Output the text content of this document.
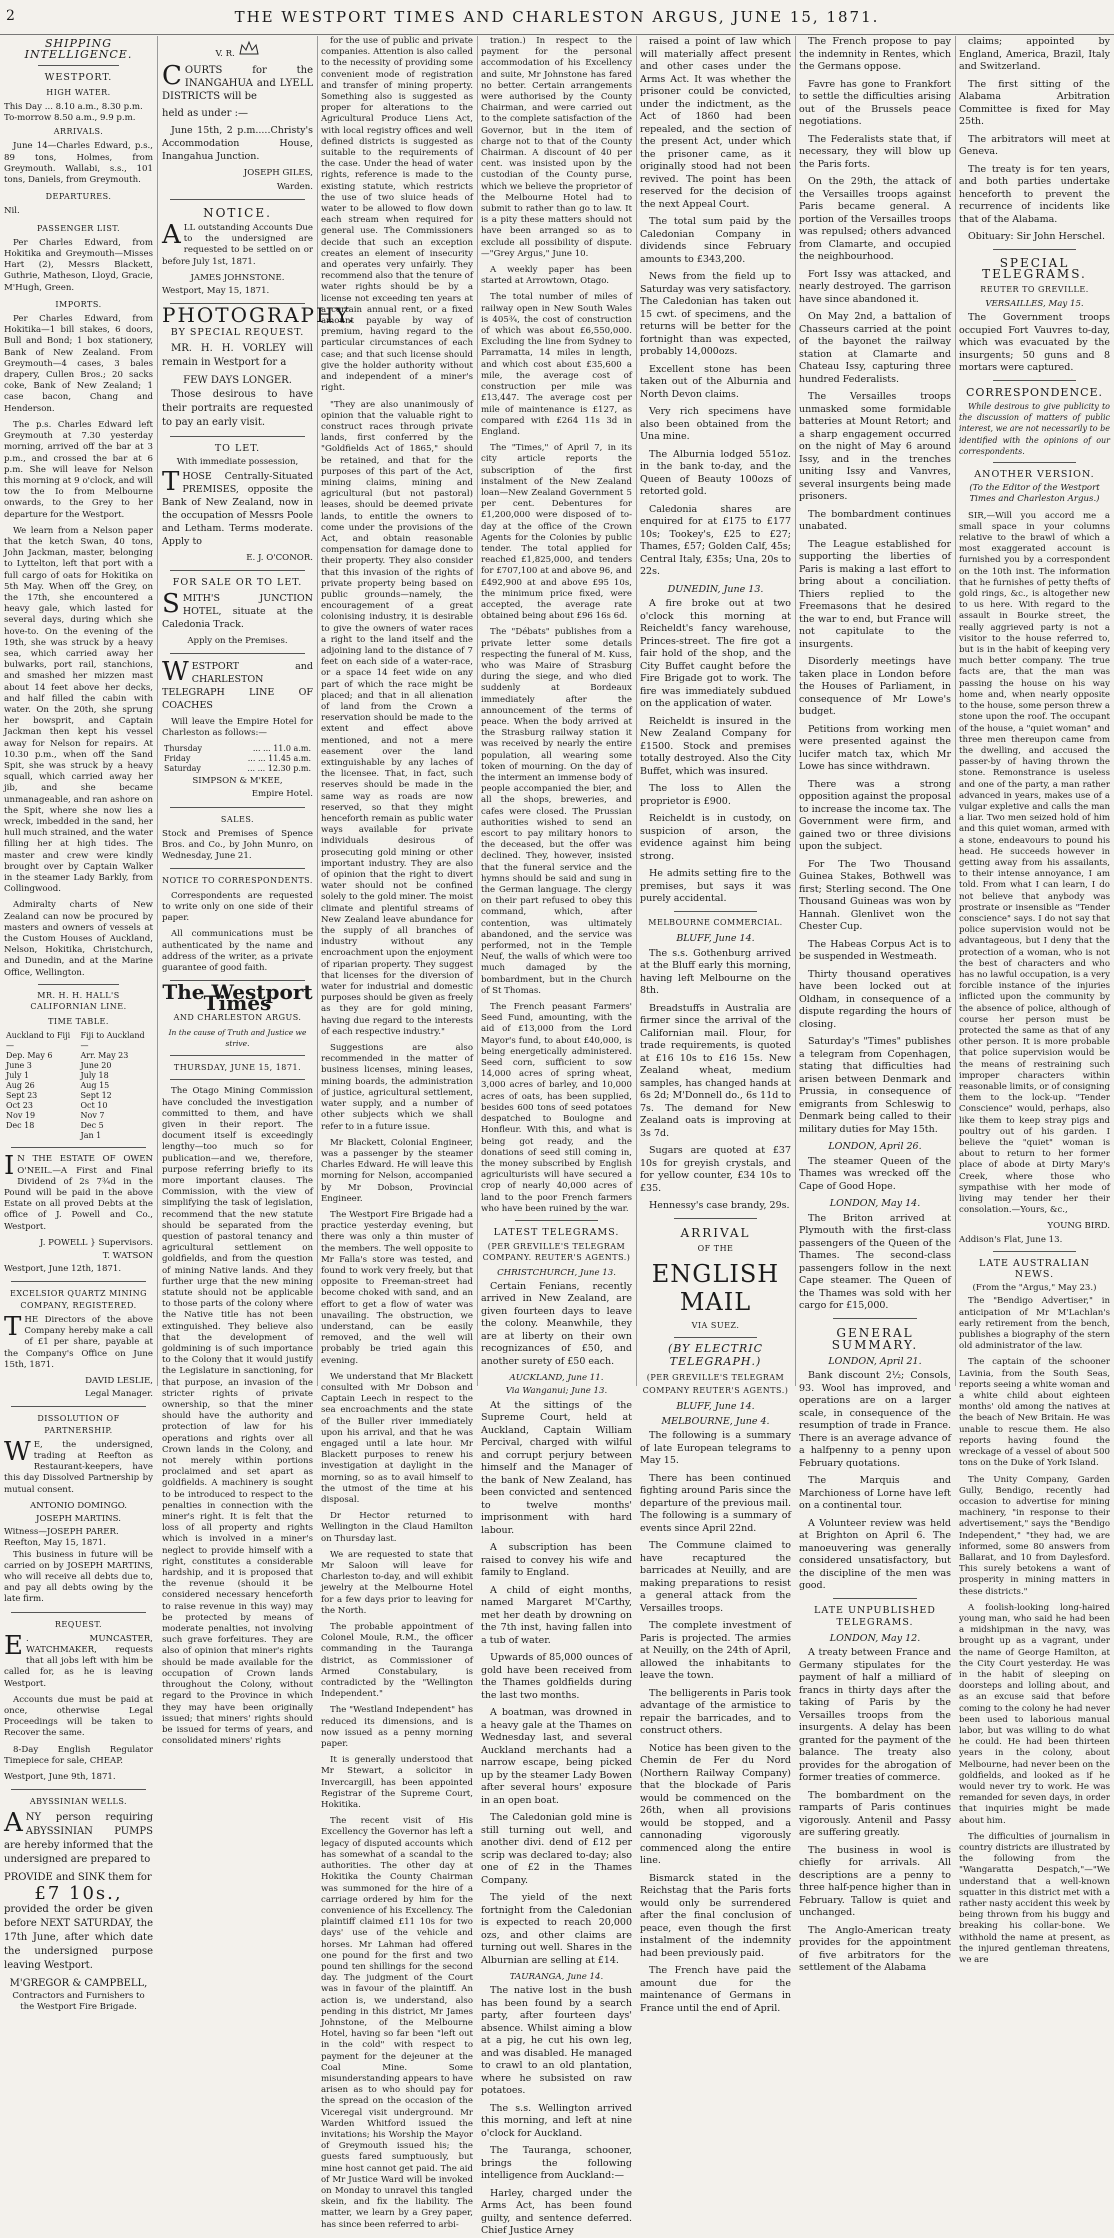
2	THE WESTPORT TIMES AND CHARLESTON ARGUS, JUNE 15, 1871.
SHIPPING INTELLIGENCE.
WESTPORT.
HIGH WATER.
This Day ... 8.10 a.m., 8.30 p.m.
To-morrow 8.50 a.m., 9.9 p.m.
ARRIVALS.

June 14—Charles Edward, p.s., 89 tons, Holmes, from Greymouth. Wallabi, s.s., 101 tons, Daniels, from Greymouth.

DEPARTURES.

Nil.

PASSENGER LIST.

Per Charles Edward, from Hokitika and Greymouth—Misses Hart (2), Messrs Blackett, Guthrie, Matheson, Lloyd, Gracie, M'Hugh, Green.

IMPORTS.

Per Charles Edward, from Hokitika—1 bill stakes, 6 doors, Bull and Bond; 1 box stationery, Bank of New Zealand. From Greymouth—4 cases, 3 bales drapery, Cullen Bros.; 20 sacks coke, Bank of New Zealand; 1 case bacon, Chang and Henderson.

The p.s. Charles Edward left Greymouth at 7.30 yesterday morning, arrived off the bar at 3 p.m., and crossed the bar at 6 p.m. She will leave for Nelson this morning at 9 o'clock, and will tow the Io from Melbourne onwards, to the Grey to her departure for the Westport.

We learn from a Nelson paper that the ketch Swan, 40 tons, John Jackman, master, belonging to Lyttelton, left that port with a full cargo of oats for Hokitika on 5th May. When off the Grey, on the 17th, she encountered a heavy gale, which lasted for several days, during which she hove-to. On the evening of the 19th, she was struck by a heavy sea, which carried away her bulwarks, port rail, stanchions, and smashed her mizzen mast about 14 feet above her decks, and half filled the cabin with water. On the 20th, she sprung her bowsprit, and Captain Jackman then kept his vessel away for Nelson for repairs. At 10.30 p.m., when off the Sand Spit, she was struck by a heavy squall, which carried away her jib, and she became unmanageable, and ran ashore on the Spit, where she now lies a wreck, imbedded in the sand, her hull much strained, and the water filling her at high tides. The master and crew were kindly brought over by Captain Walker in the steamer Lady Barkly, from Collingwood.

Admiralty charts of New Zealand can now be procured by masters and owners of vessels at the Custom Houses of Auckland, Nelson, Hokitika, Christchurch, and Dunedin, and at the Marine Office, Wellington.

MR. H. H. HALL'S CALIFORNIAN LINE.
TIME TABLE.
Auckland to Fiji—	Fiji to Auckland—
Dep. May 6	Arr. May 23
June 3	June 20
July 1	July 18
Aug 26	Aug 15
Sept 23	Sept 12
Oct 23	Oct 10
Nov 19	Nov 7
Dec 18	Dec 5
	Jan 1

I N THE ESTATE OF OWEN O'NEIL.—A First and Final Dividend of 2s 7¾d in the Pound will be paid in the above Estate on all proved Debts at the office of J. Powell and Co., Westport.

J. POWELL } Supervisors.
T. WATSON
Westport, June 12th, 1871.
EXCELSIOR QUARTZ MINING COMPANY, REGISTERED.

THE Directors of the above Company hereby make a call of £1 per share, payable at the Company's Office on June 15th, 1871.

DAVID LESLIE,
Legal Manager.
DISSOLUTION OF PARTNERSHIP.

W E, the undersigned, trading at Reefton as Restaurant-keepers, have this day Dissolved Partnership by mutual consent.

ANTONIO DOMINGO.
JOSEPH MARTINS.
Witness—JOSEPH PARER.
Reefton, May 15, 1871.

This business in future will be carried on by JOSEPH MARTINS, who will receive all debts due to, and pay all debts owing by the late firm.

REQUEST.

E . MUNCASTER, WATCHMAKER, requests that all jobs left with him be called for, as he is leaving Westport.

Accounts due must be paid at once, otherwise Legal Proceedings will be taken to Recover the same.

8-Day English Regulator Timepiece for sale, CHEAP.

Westport, June 9th, 1871.
ABYSSINIAN WELLS.

ANY person requiring ABYSSINIAN PUMPS are hereby informed that the undersigned are prepared to

PROVIDE and SINK them for
£7 10s.,

provided the order be given before NEXT SATURDAY, the 17th June, after which date the undersigned purpose leaving Westport.

M'GREGOR & CAMPBELL,
Contractors and Furnishers to the Westport Fire Brigade.
V. R.

COURTS for the INANGAHUA and LYELL DISTRICTS will be

held as under :—

June 15th, 2 p.m.....Christy's Accommodation House, Inangahua Junction.

JOSEPH GILES,
Warden.
NOTICE.

ALL outstanding Accounts Due to the undersigned are requested to be settled on or before July 1st, 1871.

JAMES JOHNSTONE.
Westport, May 15, 1871.
PHOTOGRAPHY.
BY SPECIAL REQUEST.

MR. H. H. VORLEY will remain in Westport for a

FEW DAYS LONGER.

Those desirous to have their portraits are requested to pay an early visit.

TO LET.
With immediate possession,

THOSE Centrally-Situated PREMISES, opposite the Bank of New Zealand, now in the occupation of Messrs Poole and Letham. Terms moderate. Apply to

E. J. O'CONOR.
FOR SALE OR TO LET.

SMITH'S JUNCTION HOTEL, situate at the Caledonia Track.

Apply on the Premises.

WESTPORT and CHARLESTON TELEGRAPH LINE OF COACHES

Will leave the Empire Hotel for Charleston as follows:—

Thursday	... ... 11.0 a.m.
Friday	... ... 11.45 a.m.
Saturday	... ... 12.30 p.m.
SIMPSON & M'KEE,
Empire Hotel.
SALES.

Stock and Premises of Spence Bros. and Co., by John Munro, on Wednesday, June 21.

NOTICE TO CORRESPONDENTS.

Correspondents are requested to write only on one side of their paper.

All communications must be authenticated by the name and address of the writer, as a private guarantee of good faith.

The Westport Times
AND CHARLESTON ARGUS.
In the cause of Truth and Justice we strive.
THURSDAY, JUNE 15, 1871.

The Otago Mining Commission have concluded the investigation committed to them, and have given in their report. The document itself is exceedingly lengthy—too much so for publication—and we, therefore, purpose referring briefly to its more important clauses. The Commission, with the view of simplifying the task of legislation, recommend that the new statute should be separated from the question of pastoral tenancy and agricultural settlement on goldfields, and from the question of mining Native lands. And they further urge that the new mining statute should not be applicable to those parts of the colony where the Native title has not been extinguished. They believe also that the development of goldmining is of such importance to the Colony that it would justify the Legislature in sanctioning, for that purpose, an invasion of the stricter rights of private ownership, so that the miner should have the authority and protection of law for his operations and rights over all Crown lands in the Colony, and not merely within portions proclaimed and set apart as goldfields. A machinery is sought to be introduced to respect to the penalties in connection with the miner's right. It is felt that the loss of all property and rights which is involved in a miner's neglect to provide himself with a right, constitutes a considerable hardship, and it is proposed that the revenue (should it be considered necessary henceforth to raise revenue in this way) may be protected by means of moderate penalties, not involving such grave forfeitures. They are also of opinion that miner's rights should be made available for the occupation of Crown lands throughout the Colony, without regard to the Province in which they may have been originally issued; that miners' rights should be issued for terms of years, and consolidated miners' rights

for the use of public and private companies. Attention is also called to the necessity of providing some convenient mode of registration and transfer of mining property. Something also is suggested as proper for alterations to the Agricultural Produce Liens Act, with local registry offices and well defined districts is suggested as suitable to the requirements of the case. Under the head of water rights, reference is made to the existing statute, which restricts the use of two sluice heads of water to be allowed to flow down each stream when required for general use. The Commissioners decide that such an exception creates an element of insecurity and operates very unfairly. They recommend also that the tenure of water rights should be by a license not exceeding ten years at a certain annual rent, or a fixed amount payable by way of premium, having regard to the particular circumstances of each case; and that such license should give the holder authority without and independent of a miner's right.

"They are also unanimously of opinion that the valuable right to construct races through private lands, first conferred by the "Goldfields Act of 1865," should be retained, and that for the purposes of this part of the Act, mining claims, mining and agricultural (but not pastoral) leases, should be deemed private lands, to entitle the owners to come under the provisions of the Act, and obtain reasonable compensation for damage done to their property. They also consider that this invasion of the rights of private property being based on public grounds—namely, the encouragement of a great colonising industry, it is desirable to give the owners of water races a right to the land itself and the adjoining land to the distance of 7 feet on each side of a water-race, or a space 14 feet wide on any part of which the race might be placed; and that in all alienation of land from the Crown a reservation should be made to the extent and effect above mentioned, and not a mere easement over the land extinguishable by any laches of the licensee. That, in fact, such reserves should be made in the same way as roads are now reserved, so that they might henceforth remain as public water ways available for private individuals desirous of prosecuting gold mining or other important industry. They are also of opinion that the right to divert water should not be confined solely to the gold miner. The moist climate and plentiful streams of New Zealand leave abundance for the supply of all branches of industry without any encroachment upon the enjoyment of riparian property. They suggest that licenses for the diversion of water for industrial and domestic purposes should be given as freely as they are for gold mining, having due regard to the interests of each respective industry."

Suggestions are also recommended in the matter of business licenses, mining leases, mining boards, the administration of justice, agricultural settlement, water supply, and a number of other subjects which we shall refer to in a future issue.

Mr Blackett, Colonial Engineer, was a passenger by the steamer Charles Edward. He will leave this morning for Nelson, accompanied by Mr Dobson, Provincial Engineer.

The Westport Fire Brigade had a practice yesterday evening, but there was only a thin muster of the members. The well opposite to Mr Falla's store was tested, and found to work very freely, but that opposite to Freeman-street had become choked with sand, and an effort to get a flow of water was unavailing. The obstruction, we understand, can be easily removed, and the well will probably be tried again this evening.

We understand that Mr Blackett consulted with Mr Dobson and Captain Leech in respect to the sea encroachments and the state of the Buller river immediately upon his arrival, and that he was engaged until a late hour. Mr Blackett purposes to renew his investigation at daylight in the morning, so as to avail himself to the utmost of the time at his disposal.

Dr Hector returned to Wellington in the Claud Hamilton on Thursday last.

We are requested to state that Mr Saloon will leave for Charleston to-day, and will exhibit jewelry at the Melbourne Hotel for a few days prior to leaving for the North.

The probable appointment of Colonel Moule, R.M., the officer commanding in the Tauranga district, as Commissioner of Armed Constabulary, is contradicted by the "Wellington Independent."

The "Westland Independent" has reduced its dimensions, and is now issued as a penny morning paper.

It is generally understood that Mr Stewart, a solicitor in Invercargill, has been appointed Registrar of the Supreme Court, Hokitika.

The recent visit of His Excellency the Governor has left a legacy of disputed accounts which has somewhat of a scandal to the authorities. The other day at Hokitika the County Chairman was summoned for the hire of a carriage ordered by him for the convenience of his Excellency. The plaintiff claimed £11 10s for two days' use of the vehicle and horses. Mr Lahman had offered one pound for the first and two pound ten shillings for the second day. The judgment of the Court was in favour of the plaintiff. An action is, we understand, also pending in this district, Mr James Johnstone, of the Melbourne Hotel, having so far been "left out in the cold" with respect to payment for the dejeuner at the Coal Mine. Some misunderstanding appears to have arisen as to who should pay for the spread on the occasion of the Viceregal visit underground. Mr Warden Whitford issued the invitations; his Worship the Mayor of Greymouth issued his; the guests fared sumptuously, but mine host cannot get paid. The aid of Mr Justice Ward will be invoked on Monday to unravel this tangled skein, and fix the liability. The matter, we learn by a Grey paper, has since been referred to arbi-

tration.) In respect to the payment for the personal accommodation of his Excellency and suite, Mr Johnstone has fared no better. Certain arrangements were authorised by the County Chairman, and were carried out to the complete satisfaction of the Governor, but in the item of charge not to that of the County Chairman. A discount of 40 per cent. was insisted upon by the custodian of the County purse, which we believe the proprietor of the Melbourne Hotel had to submit to rather than go to law. It is a pity these matters should not have been arranged so as to exclude all possibility of dispute.—"Grey Argus," June 10.

A weekly paper has been started at Arrowtown, Otago.

The total number of miles of railway open in New South Wales is 405¾, the cost of construction of which was about £6,550,000. Excluding the line from Sydney to Parramatta, 14 miles in length, and which cost about £35,600 a mile, the average cost of construction per mile was £13,447. The average cost per mile of maintenance is £127, as compared with £264 11s 3d in England.

The "Times," of April 7, in its city article reports the subscription of the first instalment of the New Zealand loan—New Zealand Government 5 per cent. Debentures for £1,200,000 were disposed of to-day at the office of the Crown Agents for the Colonies by public tender. The total applied for reached £1,825,000, and tenders for £707,100 at and above 96, and £492,900 at and above £95 10s, the minimum price fixed, were accepted, the average rate obtained being about £96 16s 6d.

The "Débats" publishes from a private letter some details respecting the funeral of M. Kuss, who was Maire of Strasburg during the siege, and who died suddenly at Bordeaux immediately after the announcement of the terms of peace. When the body arrived at the Strasburg railway station it was received by nearly the entire population, all wearing some token of mourning. On the day of the interment an immense body of people accompanied the bier, and all the shops, breweries, and cafes were closed. The Prussian authorities wished to send an escort to pay military honors to the deceased, but the offer was declined. They, however, insisted that the funeral service and the hymns should be said and sung in the German language. The clergy on their part refused to obey this command, which, after contention, was ultimately abandoned, and the service was performed, not in the Temple Neuf, the walls of which were too much damaged by the bombardment, but in the Church of St Thomas.

The French peasant Farmers' Seed Fund, amounting, with the aid of £13,000 from the Lord Mayor's fund, to about £40,000, is being energetically administered. Seed corn, sufficient to sow 14,000 acres of spring wheat, 3,000 acres of barley, and 10,000 acres of oats, has been supplied, besides 600 tons of seed potatoes despatched to Boulogne and Honfleur. With this, and what is being got ready, and the donations of seed still coming in, the money subscribed by English agriculturists will have secured a crop of nearly 40,000 acres of land to the poor French farmers who have been ruined by the war.

LATEST TELEGRAMS.
(PER GREVILLE'S TELEGRAM COMPANY. REUTER'S AGENTS.)
CHRISTCHURCH, June 13.

Certain Fenians, recently arrived in New Zealand, are given fourteen days to leave the colony. Meanwhile, they are at liberty on their own recognizances of £50, and another surety of £50 each.

AUCKLAND, June 11.
Via Wanganui; June 13.

At the sittings of the Supreme Court, held at Auckland, Captain William Percival, charged with wilful and corrupt perjury between himself and the Manager of the bank of New Zealand, has been convicted and sentenced to twelve months' imprisonment with hard labour.

A subscription has been raised to convey his wife and family to England.

A child of eight months, named Margaret M'Carthy, met her death by drowning on the 7th inst, having fallen into a tub of water.

Upwards of 85,000 ounces of gold have been received from the Thames goldfields during the last two months.

A boatman, was drowned in a heavy gale at the Thames on Wednesday last, and several Auckland merchants had a narrow escape, being picked up by the steamer Lady Bowen after several hours' exposure in an open boat.

The Caledonian gold mine is still turning out well, and another divi. dend of £12 per scrip was declared to-day; also one of £2 in the Thames Company.

The yield of the next fortnight from the Caledonian is expected to reach 20,000 ozs, and other claims are turning out well. Shares in the Alburnian are selling at £14.

TAURANGA, June 14.

The native lost in the bush has been found by a search party, after fourteen days' absence. Whilst aiming a blow at a pig, he cut his own leg, and was disabled. He managed to crawl to an old plantation, where he subsisted on raw potatoes.

The s.s. Wellington arrived this morning, and left at nine o'clock for Auckland.

The Tauranga, schooner, brings the following intelligence from Auckland:—

Harley, charged under the Arms Act, has been found guilty, and sentence deferred. Chief Justice Arney

raised a point of law which will materially affect present and other cases under the Arms Act. It was whether the prisoner could be convicted, under the indictment, as the Act of 1860 had been repealed, and the section of the present Act, under which the prisoner came, as it originally stood had not been revived. The point has been reserved for the decision of the next Appeal Court.

The total sum paid by the Caledonian Company in dividends since February amounts to £343,200.

News from the field up to Saturday was very satisfactory. The Caledonian has taken out 15 cwt. of specimens, and the returns will be better for the fortnight than was expected, probably 14,000ozs.

Excellent stone has been taken out of the Alburnia and North Devon claims.

Very rich specimens have also been obtained from the Una mine.

The Alburnia lodged 551oz. in the bank to-day, and the Queen of Beauty 100ozs of retorted gold.

Caledonia shares are enquired for at £175 to £177 10s; Tookey's, £25 to £27; Thames, £57; Golden Calf, 45s; Central Italy, £35s; Una, 20s to 22s.

DUNEDIN, June 13.

A fire broke out at two o'clock this morning at Reicheldt's fancy warehouse, Princes-street. The fire got a fair hold of the shop, and the City Buffet caught before the Fire Brigade got to work. The fire was immediately subdued on the application of water.

Reicheldt is insured in the New Zealand Company for £1500. Stock and premises totally destroyed. Also the City Buffet, which was insured.

The loss to Allen the proprietor is £900.

Reicheldt is in custody, on suspicion of arson, the evidence against him being strong.

He admits setting fire to the premises, but says it was purely accidental.

MELBOURNE COMMERCIAL.
BLUFF, June 14.

The s.s. Gothenburg arrived at the Bluff early this morning, having left Melbourne on the 8th.

Breadstuffs in Australia are firmer since the arrival of the Californian mail. Flour, for trade requirements, is quoted at £16 10s to £16 15s. New Zealand wheat, medium samples, has changed hands at 6s 2d; M'Donnell do., 6s 11d to 7s. The demand for New Zealand oats is improving at 3s 7d.

Sugars are quoted at £37 10s for greyish crystals, and for yellow counter, £34 10s to £35.

Hennessy's case brandy, 29s.

ARRIVAL
OF THE
ENGLISH MAIL
VIA SUEZ.
(BY ELECTRIC TELEGRAPH.)
(PER GREVILLE'S TELEGRAM COMPANY REUTER'S AGENTS.)
BLUFF, June 14.
MELBOURNE, June 4.

The following is a summary of late European telegrams to May 15.

There has been continued fighting around Paris since the departure of the previous mail. The following is a summary of events since April 22nd.

The Commune claimed to have recaptured the barricades at Neuilly, and are making preparations to resist a general attack from the Versailles troops.

The complete investment of Paris is projected. The armies at Neuilly, on the 24th of April, allowed the inhabitants to leave the town.

The belligerents in Paris took advantage of the armistice to repair the barricades, and to construct others.

Notice has been given to the Chemin de Fer du Nord (Northern Railway Company) that the blockade of Paris would be commenced on the 26th, when all provisions would be stopped, and a cannonading vigorously commenced along the entire line.

Bismarck stated in the Reichstag that the Paris forts would only be surrendered after the final conclusion of peace, even though the first instalment of the indemnity had been previously paid.

The French have paid the amount due for the maintenance of Germans in France until the end of April.

The French propose to pay the indemnity in Rentes, which the Germans oppose.

Favre has gone to Frankfort to settle the difficulties arising out of the Brussels peace negotiations.

The Federalists state that, if necessary, they will blow up the Paris forts.

On the 29th, the attack of the Versailles troops against Paris became general. A portion of the Versailles troops was repulsed; others advanced from Clamarte, and occupied the neighbourhood.

Fort Issy was attacked, and nearly destroyed. The garrison have since abandoned it.

On May 2nd, a battalion of Chasseurs carried at the point of the bayonet the railway station at Clamarte and Chateau Issy, capturing three hundred Federalists.

The Versailles troops unmasked some formidable batteries at Mount Retort; and a sharp engagement occurred on the night of May 6 around Issy, and in the trenches uniting Issy and Vanvres, several insurgents being made prisoners.

The bombardment continues unabated.

The League established for supporting the liberties of Paris is making a last effort to bring about a conciliation. Thiers replied to the Freemasons that he desired the war to end, but France will not capitulate to the insurgents.

Disorderly meetings have taken place in London before the Houses of Parliament, in consequence of Mr Lowe's budget.

Petitions from working men were presented against the lucifer match tax, which Mr Lowe has since withdrawn.

There was a strong opposition against the proposal to increase the income tax. The Government were firm, and gained two or three divisions upon the subject.

For The Two Thousand Guinea Stakes, Bothwell was first; Sterling second. The One Thousand Guineas was won by Hannah. Glenlivet won the Chester Cup.

The Habeas Corpus Act is to be suspended in Westmeath.

Thirty thousand operatives have been locked out at Oldham, in consequence of a dispute regarding the hours of closing.

Saturday's "Times" publishes a telegram from Copenhagen, stating that difficulties had arisen between Denmark and Prussia, in consequence of emigrants from Schleswig to Denmark being called to their military duties for May 15th.

LONDON, April 26.

The steamer Queen of the Thames was wrecked off the Cape of Good Hope.

LONDON, May 14.

The Briton arrived at Plymouth with the first-class passengers of the Queen of the Thames. The second-class passengers follow in the next Cape steamer. The Queen of the Thames was sold with her cargo for £15,000.

GENERAL SUMMARY.
LONDON, April 21.

Bank discount 2½; Consols, 93. Wool has improved, and operations are on a larger scale, in consequence of the resumption of trade in France. There is an average advance of a halfpenny to a penny upon February quotations.

The Marquis and Marchioness of Lorne have left on a continental tour.

A Volunteer review was held at Brighton on April 6. The manoeuvering was generally considered unsatisfactory, but the discipline of the men was good.

LATE UNPUBLISHED TELEGRAMS.
LONDON, May 12.

A treaty between France and Germany stipulates for the payment of half a milliard of francs in thirty days after the taking of Paris by the Versailles troops from the insurgents. A delay has been granted for the payment of the balance. The treaty also provides for the abrogation of former treaties of commerce.

The bombardment on the ramparts of Paris continues vigorously. Antenil and Passy are suffering greatly.

The business in wool is chiefly for arrivals. All descriptions are a penny to three half-pence higher than in February. Tallow is quiet and unchanged.

The Anglo-American treaty provides for the appointment of five arbitrators for the settlement of the Alabama

claims; appointed by England, America, Brazil, Italy and Switzerland.

The first sitting of the Alabama Arbitration Committee is fixed for May 25th.

The arbitrators will meet at Geneva.

The treaty is for ten years, and both parties undertake henceforth to prevent the recurrence of incidents like that of the Alabama.

Obituary: Sir John Herschel.

SPECIAL TELEGRAMS.
REUTER TO GREVILLE.
VERSAILLES, May 15.

The Government troops occupied Fort Vauvres to-day, which was evacuated by the insurgents; 50 guns and 8 mortars were captured.

CORRESPONDENCE.

While desirous to give publicity to the discussion of matters of public interest, we are not necessarily to be identified with the opinions of our correspondents.

ANOTHER VERSION.

(To the Editor of the Westport Times and Charleston Argus.)

SIR,—Will you accord me a small space in your columns relative to the brawl of which a most exaggerated account is furnished you by a correspondent on the 10th inst. The information that he furnishes of petty thefts of gold rings, &c., is altogether new to us here. With regard to the assault in Bourke street, the really aggrieved party is not a visitor to the house referred to, but is in the habit of keeping very much better company. The true facts are, that the man was passing the house on his way home and, when nearly opposite to the house, some person threw a stone upon the roof. The occupant of the house, a "quiet woman" and three men thereupon came from the dwelling, and accused the passer-by of having thrown the stone. Remonstrance is useless and one of the party, a man rather advanced in years, makes use of a vulgar expletive and calls the man a liar. Two men seized hold of him and this quiet woman, armed with a stone, endeavours to pound his head. He succeeds however in getting away from his assailants, to their intense annoyance, I am told. From what I can learn, I do not believe that anybody was prostrate or insensible as "Tender conscience" says. I do not say that police supervision would not be advantageous, but I deny that the protection of a woman, who is not the best of characters and who has no lawful occupation, is a very forcible instance of the injuries inflicted upon the community by the absence of police, although of course her person must be protected the same as that of any other person. It is more probable that police supervision would be the means of restraining such improper characters within reasonable limits, or of consigning them to the lock-up. "Tender Conscience" would, perhaps, also like them to keep stray pigs and poultry out of his garden. I believe the "quiet" woman is about to return to her former place of abode at Dirty Mary's Creek, where those who sympathise with her mode of living may tender her their consolation.—Yours, &c.,

YOUNG BIRD.
Addison's Flat, June 13.
LATE AUSTRALIAN NEWS.
(From the "Argus," May 23.)

The "Bendigo Advertiser," in anticipation of Mr M'Lachlan's early retirement from the bench, publishes a biography of the stern old administrator of the law.

The captain of the schooner Lavinia, from the South Seas, reports seeing a white woman and a white child about eighteen months' old among the natives at the beach of New Britain. He was unable to rescue them. He also reports having found the wreckage of a vessel of about 500 tons on the Duke of York Island.

The Unity Company, Garden Gully, Bendigo, recently had occasion to advertise for mining machinery, "in response to their advertisement," says the "Bendigo Independent," "they had, we are informed, some 80 answers from Ballarat, and 10 from Daylesford. This surely betokens a want of prosperity in mining matters in these districts."

A foolish-looking long-haired young man, who said he had been a midshipman in the navy, was brought up as a vagrant, under the name of George Hamilton, at the City Court yesterday. He was in the habit of sleeping on doorsteps and lolling about, and as an excuse said that before coming to the colony he had never been used to laborious manual labor, but was willing to do what he could. He had been thirteen years in the colony, about Melbourne, had never been on the goldfields, and looked as if he would never try to work. He was remanded for seven days, in order that inquiries might be made about him.

The difficulties of journalism in country districts are illustrated by the following from the "Wangaratta Despatch,"—"We understand that a well-known squatter in this district met with a rather nasty accident this week by being thrown from his buggy and breaking his collar-bone. We withhold the name at present, as the injured gentleman threatens, we are
